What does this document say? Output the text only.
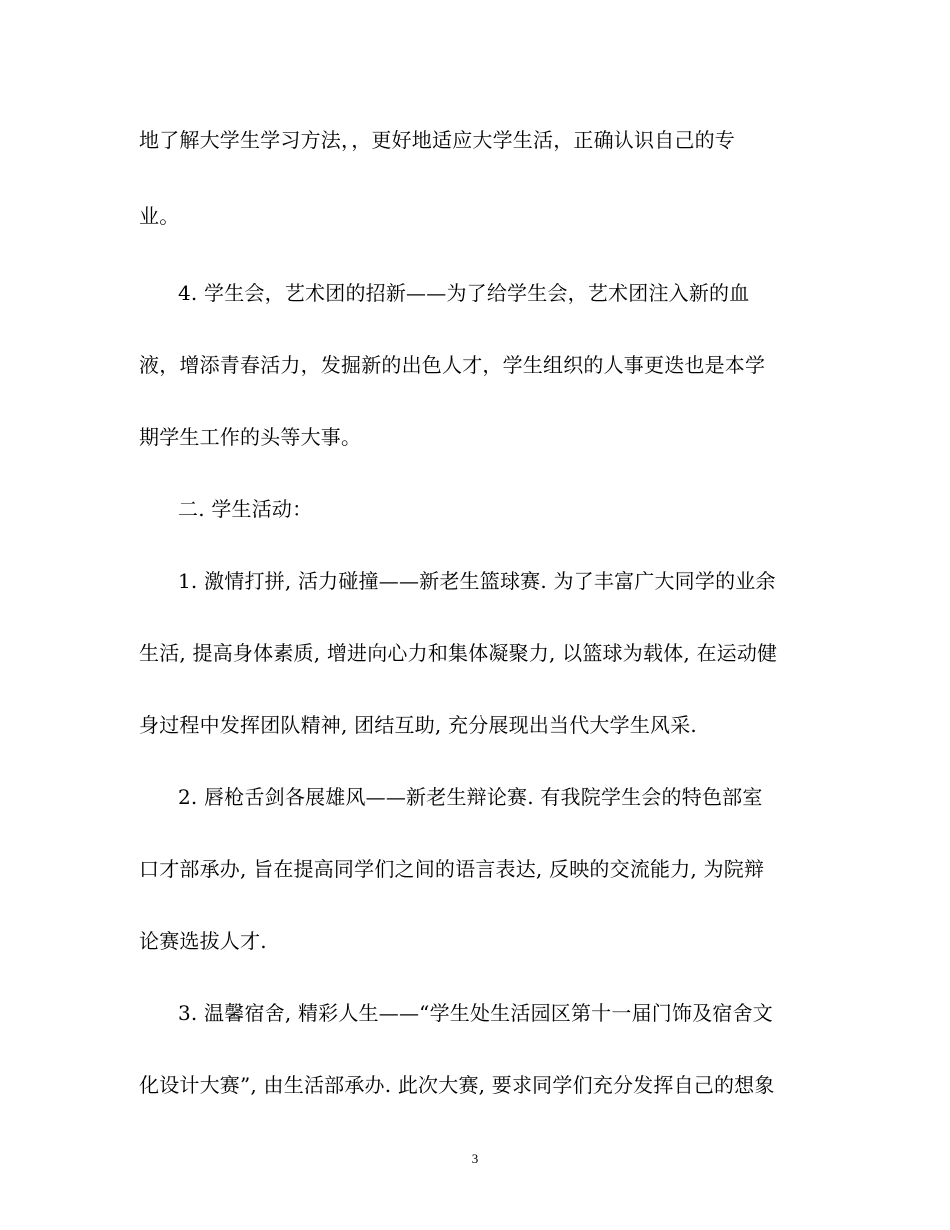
地了解大学生学习方法，，更好地适应大学生活，正确认识自己的专
业。
4. 学生会，艺术团的招新——为了给学生会，艺术团注入新的血
液，增添青春活力，发掘新的出色人才，学生组织的人事更迭也是本学
期学生工作的头等大事。
二. 学生活动：
1. 激情打拼, 活力碰撞——新老生篮球赛. 为了丰富广大同学的业余
生活, 提高身体素质, 增进向心力和集体凝聚力, 以篮球为载体, 在运动健
身过程中发挥团队精神, 团结互助, 充分展现出当代大学生风采.
2. 唇枪舌剑各展雄风——新老生辩论赛. 有我院学生会的特色部室
口才部承办, 旨在提高同学们之间的语言表达, 反映的交流能力, 为院辩
论赛选拔人才.
3. 温馨宿舍, 精彩人生——“学生处生活园区第十一届门饰及宿舍文
化设计大赛”, 由生活部承办. 此次大赛, 要求同学们充分发挥自己的想象
3
